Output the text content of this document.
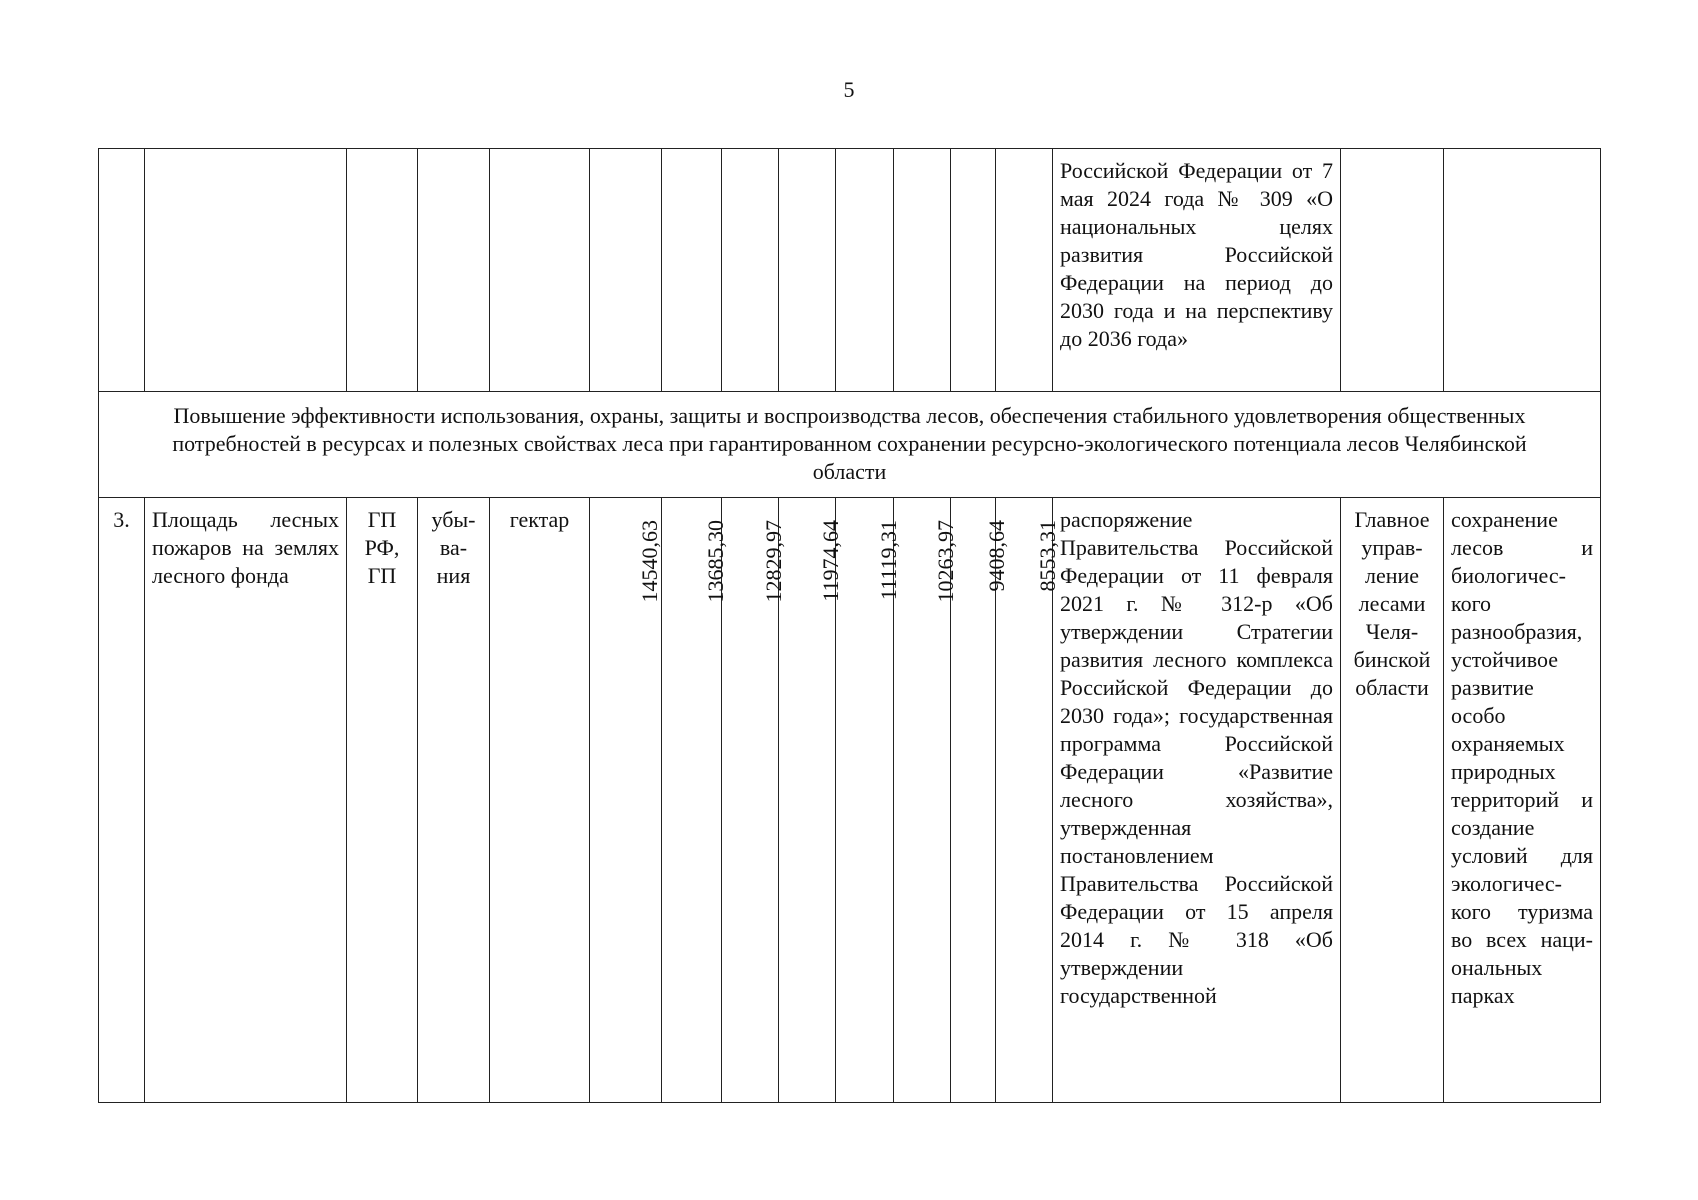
5

													Российской Федерации от 7 мая 2024 года № 309 «О национальных целях развития Российской Федерации на период до 2030 года и на перспективу до 2036 года»		

Повышение эффективности использования, охраны, защиты и воспроизводства лесов, обеспечения стабильного удовлетворения общественных потребностей в ресурсах и полезных свойствах леса при гарантированном сохранении ресурсно-экологического потенциала лесов Челябинской области															

3.	Площадь лесных пожаров на землях лесного фонда	ГП РФ, ГП	убы-ва-ния	гектар	14540,63	13685,30	12829,97	11974,64	11119,31	10263,97	9408,64	8553,31	распоряжение Правительства Российской Федерации от 11 февраля 2021 г. № 312-р «Об утверждении Стратегии развития лесного комплекса Российской Федерации до 2030 года»; государственная программа Российской Федерации «Развитие лесного хозяйства», утвержденная постановлением Правительства Российской Федерации от 15 апреля 2014 г. № 318 «Об утверждении государственной	Главное управ-ление лесами Челя-бинской области	сохранение лесов и биологичес-кого разнообразия, устойчивое развитие особо охраняемых природных территорий и создание условий для экологичес-кого туризма во всех наци-ональных парках
